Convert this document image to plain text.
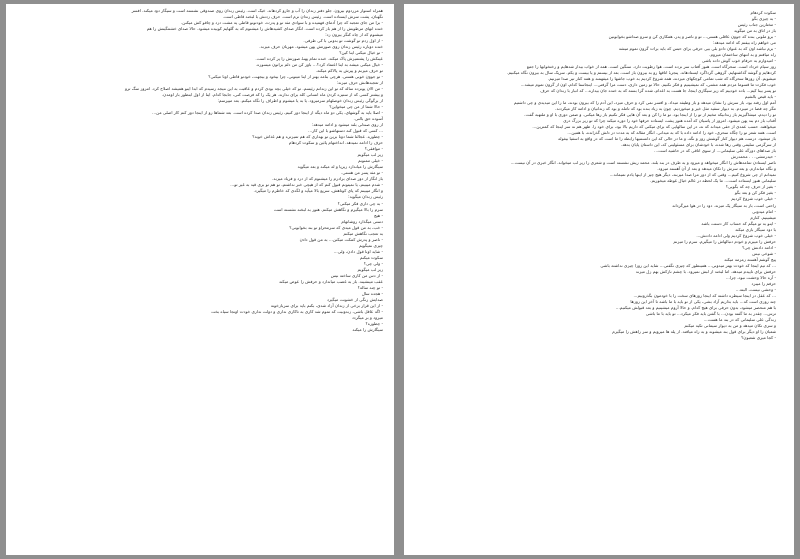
همراه استوار مرردوم بیرون. جلو دفتر زندان را آب و جارو کردهاند. خیک است. رئیس زندان روی صندوقی نشسته است و سیگار دود میکند. افسر
نگهبان، پشت سرش ایستاده است. رئیس زندان نرم است. حرف زدنش با لبخند قاطی است.
- برا من جای تعجبه که چرا آدمای فهمیده و با سوادی مثه تو و پدرت، خودتونو قاطی یه مشت دزد و چاقو کش میکنن.
خنده انهای مرطوبش را از هم باز کرده است. انگار صدای کشیدهاش را میشنوم که به گلهایم کوبیده میشود. حالا صدای خشمگینش را هم
میشنوم که از چاه کنگر بیرون زد:
- از اول زدم تو گوشت تو بدونی با کی طرفی.
خنده دوباره رئیس زندان روی صورتش پهن میشود. مهربان حرف میزند.
- تو خیال میکنی اینا کین؟
عینکش را پشتمیزش پاک میکند. خنده تمام پهنهٔ صورتش را پر کرده است.
- خیال میکنی میشه به اینا اعتماد کرد؟... باور کن من دلم براتون میسوزه.
تو حرف میزنم و پیرش به پالاکم میکنه.
- تو جوون خوبی هستی. هرچی بنامه بهتر از اینا میتونی، چرا بیخود و بیجهت، خودتو قاطی اونا میکنی؟
از تعجبدهانش حرف میزند:
- من الان پونزده ساله که تو این زندانم رئیسم. تو که خیلی بچه بودی کردم و عاقبت به این نتیجه رسیدم که ابدا اینو همیشه اصلاح کرد. امروز سگ ترو
و بیشتر کسی که از ستیزه کردن ماه انسانی کله برای ندارند. هر یک را که فرصت کنی، جابجا کدام. اینا از اول ابتظور بار اومدن.
از برگوگی رئیس زندان خوصلهام سرمیرود. یا به یا میشوم و اطراف را نگاه میکنم. بعد میپرسم:
- حالا شما از من چی میخواین؟
- اصلا باید به گوشهای، یکی دو ماه دیگه از اینجا دور کنیم، رئیس زندان صدا کرده است. بعد شماها رو از اینجا دور کنم کار اصلی من...
آسوده حق بالنی.
از روی صندلی بلند میشود و ادامه میدهد:
... کسی که قبول کنه دستهاشو با این کار...
- چطوره. عجالتا شما دونا برین تو بهداری که هم تمیزتره و هم غذاش خوبه؟
حرف را ادامه نمیدهد. انداختهام پائین و سکوت کردهام
- موافقی؟
زیر لب میگویم
- خیلی ممنونم
سیگارش را میاندازد زیرپا و له میکند و بعد میگوید
- تو مثه پسر من هستی.
باز انگار از دور صدای برادرم را میشنوم که از درد و فریاد میزند.
- شدم میبینم، یا نمیتونم قبول کنم که از هیچی خبر نداشتم، تو هم تو بری قید به غیر تو...
و انگار میبینم که پای کوتاهش، سریع بالا میآید و لگدی که خاطرم را میگیرد.
رئیس زندان میگوید:
- به چی داری فکر میکنی؟
سرم را بالا میگیرم و نگاهش میکنم. هنوز به لبخند نشسته است
- هیچ
دستی میگذارد روشانهام
- خب، به من قول میدی که سرمحراو تو بند بخوابونی؟
به تعجب نگاهش میکنم
- ناصر و پدرش کمکت میکنن... به من قول دادن
چیزی نمیگویم
- شاید اونا قول دادن، ولی...
سکوت میکنم
- ولی چی؟
زیر لب میگویم
- از دس من کاری ساخته نیس
عقب مینشیند. باز به غضب میاندازد و حرفش را عوض میکند
- تو چند ساله؟
- هجده سال
صدایش رنگی از خشونت میگیرد
- از این قرار برخی از زندان آزاد شدی، بکنم باید برای سربازخونه
- اگه عاقل باشی، زندونیت که تموم شد کاری به تاکاری نداری و دولت نداری خودت اونجا سیاه بخت
میرود و بر میگردد
- چطوره؟
سیگارش را میکند
سکوت کردهام
- به چیزی بگو
- مختارین جناب رئیس
باز در اتاق به من میگوید
- برو ملونی بنده که جوون عاقلی هستی... تو و ناصر و پدر، همکاری کن و سرو صداشو بخوابونین
می خواهم راه بیفتم که ادامه میدهد:
- برم نباشد اون که به عنوان دادو بلی بیی حرفی برای حبس که باید برات گرون تموم میشه
راه میافتم و به انتهای ساختمان میروم.
- امیدوارم به حرفام خوب گوش داده باشی
روز سیام خرداد است. سحرگاه است. هنوز آفتاب سر نزده است. هوا رطوبت دارد. سنگین است. همه از خواب بیدار شدهایم و رختخوابها را جمع
کردهایم و گوشه گذاشتهایم. گروهی گرداگرد ایستادهاند. پنجرهٔ اتاقها رو به بیرون باز است. بعد از بیستم و یا بیست و یکم. سریک سال به بیرون نگاه میکنیم.
میشویم. آن روزها سحرگاه که شب تمامی کوچکهای میزدند، همه شروع کردیم به خوب جاشها را میفهمند و همه کنار تیر صدا میزنیم.
خوب فکرت ما قسوما مزدم همه مشتی، که نمیشینیم و فکر نکنیم. حالا تو زمین داری، دست مرا گرفتی... اینجاستا کدام، اون از گرون تموم میشد...
تو پسر بینا کیم... باده خودبیم که زیر سیگاری اینجا، جا هست به اعدام، شده گرا بسته که به خنده جان بیداره... که انبار با زندان که حرف
- باید قبض بالشیم
آمم اول رفته بود، باز سرش را نشان میدهد و باز وظیفه میداد. و افسر نمی کرد و حرف میزد، این آدم را که بیرون بودند، ما را این میدیدی و چی داشتیم
مگر چه فضا در میبردم. به دیوار سفید مثل خیر و میخوردیم. چون به زیاد بنده بود که تامله و بود که زندانیان و ادامه کار میکردند.
تو را دیدم، میشاگیریم باز زندانیکه مخیم از تو را از اینجا بود. تو ما را کن و بعد آن هایی فکر نکنیم باز رها میکنی. و ضمن دوری با او و ملتهبه گفت.
آفتاب باز دم بند پهن میشود. امروز از پاسیان که آمده هنوز پشت ایستاده حرفها خود را دوره میکند چرا که تو زیر بزرگ دری
میخواهند. حسب عمدی از حقی میداند که نه، در این سالهایی که برای میکنی که داریم بالا بود، برای خود را. ظهر هم نه سر اینجا که کمترین...
است. همه شعر تو را چگاه سحری، خود را ادامه داده با که به میدانی. انگار مقاله که به مدت در دلش گذرانده، با همین...
باز میشود. درست هم دیوار کنار گوشش روز و نگه، و ما در حالی که این دانستنیها رابطه را ما است که در واقع به اسفیا بیغوله
از سرگرمی سلیمی وقتی رها شده، با خودشان برای مسئولیتی که، این داستان پایان بدهد.
باز صداهای دورگه علی سلیمانی... از سوی اتاقی که در حاشیه است...
- حیدرمشی. . . محمدرش
ناصر ایستادن تمامه‌هاش را انگار میخواهد و میرود و به طرف در بند بلند. محمد ریش نشسته است و شعری را زیر لب میخواند. انگار خبری در آن نیست...
و نگاه میاندازم. و بعد سرش را تکان میدهد و بعد از آن آهسته میرود.
نمیدانم از چی شروع کنیم... وقتی که از دور مرا صدا میزنند، دیگر هیچ چیز از اینها یادم نمیماند...
سلیمانی هنوز ایستاده است... ما یک لحظه در عالم خیال غوطه میخوریم.
- بغیر از حرف چه که بگویی؟
- بغیر فکر کن و بعد بگو
- خیلی خوب شروع کردیم
راحتی است، باز به سیگار پک میزند. دود را در هوا میرگرداند
- امام میدونی
میشینیم. کنارم
- اینو به تو میگم که حساب کار دستت باشه
با دود سیگار بازی میکند
- خیلی خوب شروع کردیم ولی ادامه دادنش...
حرفش را میبرم و خودم دنبالهاش را میگیرم. سرم را میزنم
- ادامه دادنش چی؟
- شوخی نیس
پیچ گوشم آهسته زمزمه میکند
... که تیم اینجا که خودت بهتر میدونی... همینطور که چیزی نگفتی... شاید این روزا چیزی نداشته باشی
حرفش برای تاییدم میدهد. اما لبخند از لبش نمیرود. با چشم نازکش بهم زل میزند
- آره حالا وحشت نبود، چرا...
حرفم را میبرد
- وحشی نیست، البته...
... که عقل در اینجا سیطره داشته که اینجا روزهای سخت را با خودمون بگذرونیم...
چند روزی است که... باید بذاریم آزاد بشی، یکی از تو باید با ما باشه تا آخر این روزها
با هم منحصر میشود، بدون حرفی برای هیچ کدام. و حالا آروم میشینیم و بعد قبولش میکنیم...
ترس... چقدر به ما گفته بودن... با گفتن باید فکر میکرد... تو باید با ما باشی
زندگی علی سلیمانی که در بند ما هست...
و سری تکان میدهد و من به دیوار سیمانی تکیه میکنم
شعبان را او دیگر برای قول بند میشوند و به راه میافتد. از پله ها میرویم و سر راهش را میگیرم
- کجا میری شعبون؟
